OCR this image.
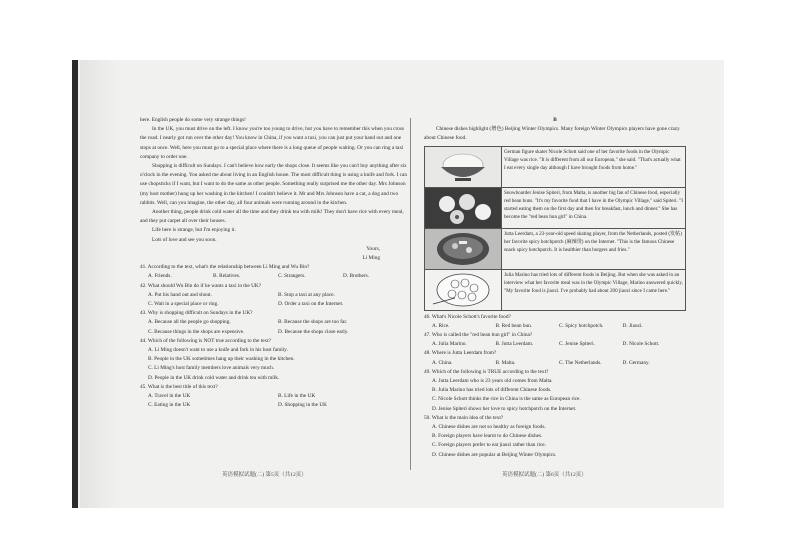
here. English people do some very strange things!

In the UK, you must drive on the left. I know you're too young to drive, but you have to remember this when you cross the road. I nearly got run over the other day! You know in China, if you want a taxi, you can just put your hand out and one stops at once. Well, here you must go to a special place where there is a long queue of people waiting. Or you can ring a taxi company to order one.

Shopping is difficult on Sundays. I can't believe how early the shops close. It seems like you can't buy anything after six o'clock in the evening. You asked me about living in an English house. The most difficult thing is using a knife and fork. I can use chopsticks if I want, but I want to do the same as other people. Something really surprised me the other day. Mrs Johnson (my host mother) hung up her washing in the kitchen! I couldn't believe it. Mr and Mrs Johnson have a cat, a dog and two rabbits. Well, can you imagine, the other day, all four animals were running around in the kitchen.

Another thing, people drink cold water all the time and they drink tea with milk! They don't have rice with every meal, and they put carpet all over their houses.

Life here is strange, but I'm enjoying it.

Lots of love and see you soon.

Yours,

Li Ming

41. According to the text, what's the relationship between Li Ming and Wu Bin?

A. Friends.	B. Relatives.	C. Strangers.	D. Brothers.

42. What should Wu Bin do if he wants a taxi in the UK?

A. Put his hand out and shout.	B. Stop a taxi at any place.
C. Wait in a special place or ring.	D. Order a taxi on the Internet.

43. Why is shopping difficult on Sundays in the UK?

A. Because all the people go shopping.	B. Because the shops are too far.
C. Because things in the shops are expensive.	D. Because the shops close early.

44. Which of the following is NOT true according to the text?

A. Li Ming doesn't want to use a knife and fork in his host family.

B. People in the UK sometimes hang up their washing in the kitchen.

C. Li Ming's host family members love animals very much.

D. People in the UK drink cold water and drink tea with milk.

45. What is the best title of this text?

A. Travel in the UK	B. Life in the UK
C. Eating in the UK	D. Shopping in the UK

B

Chinese dishes highlight (增色) Beijing Winter Olympics. Many foreign Winter Olympics players have gone crazy about Chinese food.

	German figure skater Nicole Schott said one of her favorite foods in the Olympic Village was rice. "It is different from all our European," she said. "That's actually what I eat every single day although I have brought foods from home."

	Snowboarder Jenise Spiteri, from Malta, is another big fan of Chinese food, especially red bean buns. "It's my favorite food that I have in the Olympic Village," said Spiteri. "I started eating them on the first day and then for breakfast, lunch and dinner." She has become the "red bean bun girl" in China.

	Jutta Leerdam, a 23-year-old speed skating player, from the Netherlands, posted (发帖) her favorite spicy hotchpotch (麻辣烫) on the Internet. "This is the famous Chinese snack spicy hotchpotch. It is healthier than burgers and fries."

	Julia Marino has tried lots of different foods in Beijing. But when she was asked in an interview what her favorite meal was in the Olympic Village, Marino answered quickly, "My favorite food is jiaozi. I've probably had about 200 jiaozi since I came here."

46. What's Nicole Schott's favorite food?

A. Rice.	B. Red bean bun.	C. Spicy hotchpotch.	D. Jiaozi.

47. Who is called the "red bean bun girl" in China?

A. Julia Marino.	B. Jutta Leerdam.	C. Jenise Spiteri.	D. Nicole Schott.

48. Where is Jutta Leerdam from?

A. China.	B. Malta.	C. The Netherlands.	D. Germany.

49. Which of the following is TRUE according to the text?

A. Jutta Leerdam who is 23 years old comes from Malta.

B. Julia Marino has tried lots of different Chinese foods.

C. Nicole Schott thinks the rice in China is the same as European rice.

D. Jenise Spiteri shows her love to spicy hotchpotch on the Internet.

50. What is the main idea of the text?

A. Chinese dishes are not so healthy as foreign foods.

B. Foreign players have learnt to do Chinese dishes.

C. Foreign players prefer to eat jiaozi rather than rice.

D. Chinese dishes are popular at Beijing Winter Olympics.

英语模拟试题(二) 第5页（共12页）	英语模拟试题(二) 第6页（共12页）
